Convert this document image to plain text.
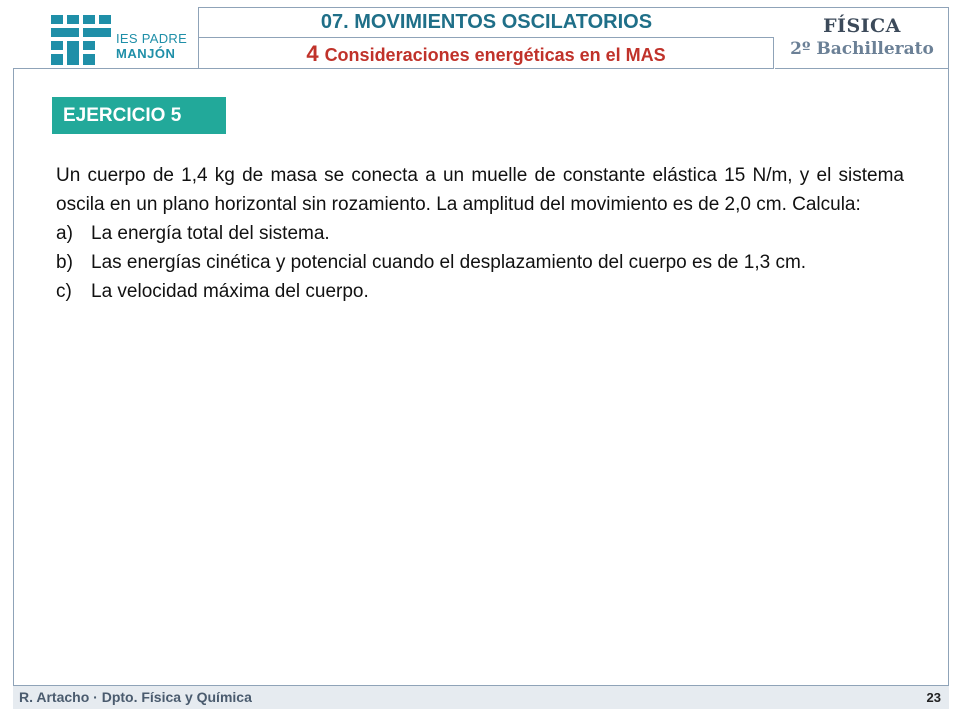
IES PADRE
MANJÓN
07. MOVIMIENTOS OSCILATORIOS
4 Consideraciones energéticas en el MAS
FÍSICA
2º Bachillerato
EJERCICIO 5

Un cuerpo de 1,4 kg de masa se conecta a un muelle de constante elástica 15 N/m, y el sistema oscila en un plano horizontal sin rozamiento. La amplitud del movimiento es de 2,0 cm. Calcula:

a) La energía total del sistema.
b) Las energías cinética y potencial cuando el desplazamiento del cuerpo es de 1,3 cm.
c)	La velocidad máxima del cuerpo.
R. Artacho · Dpto. Física y Química	23
